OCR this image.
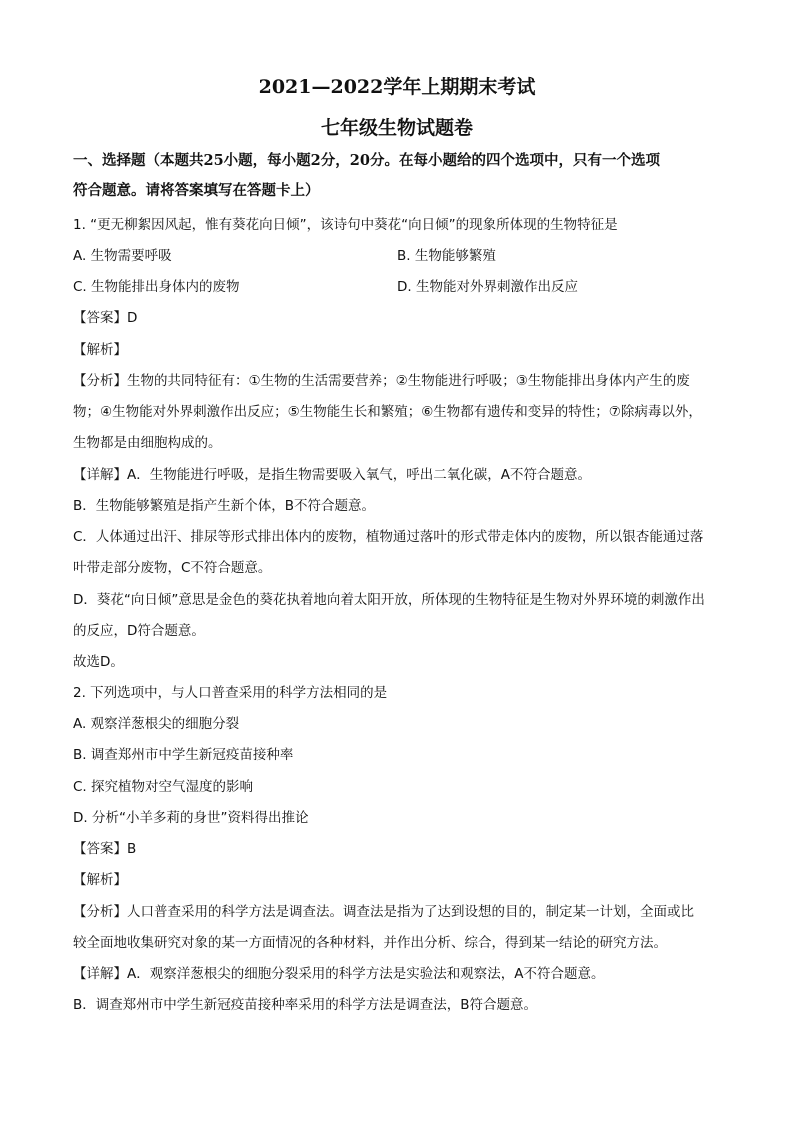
2021—2022学年上期期末考试
七年级生物试题卷
一、选择题（本题共25小题，每小题2分，20分。在每小题给的四个选项中，只有一个选项
符合题意。请将答案填写在答题卡上）
1. “更无柳絮因风起，惟有葵花向日倾”，该诗句中葵花“向日倾”的现象所体现的生物特征是
A. 生物需要呼吸	B. 生物能够繁殖
C. 生物能排出身体内的废物	D. 生物能对外界刺激作出反应
【答案】D
【解析】
【分析】生物的共同特征有：①生物的生活需要营养；②生物能进行呼吸；③生物能排出身体内产生的废
物；④生物能对外界刺激作出反应；⑤生物能生长和繁殖；⑥生物都有遗传和变异的特性；⑦除病毒以外，
生物都是由细胞构成的。
【详解】A．生物能进行呼吸，是指生物需要吸入氧气，呼出二氧化碳，A不符合题意。
B．生物能够繁殖是指产生新个体，B不符合题意。
C．人体通过出汗、排尿等形式排出体内的废物，植物通过落叶的形式带走体内的废物，所以银杏能通过落
叶带走部分废物，C不符合题意。
D．葵花“向日倾”意思是金色的葵花执着地向着太阳开放，所体现的生物特征是生物对外界环境的刺激作出
的反应，D符合题意。
故选D。
2. 下列选项中，与人口普查采用的科学方法相同的是
A. 观察洋葱根尖的细胞分裂
B. 调查郑州市中学生新冠疫苗接种率
C. 探究植物对空气湿度的影响
D. 分析“小羊多莉的身世”资料得出推论
【答案】B
【解析】
【分析】人口普查采用的科学方法是调查法。调查法是指为了达到设想的目的，制定某一计划，全面或比
较全面地收集研究对象的某一方面情况的各种材料，并作出分析、综合，得到某一结论的研究方法。
【详解】A．观察洋葱根尖的细胞分裂采用的科学方法是实验法和观察法，A不符合题意。
B．调查郑州市中学生新冠疫苗接种率采用的科学方法是调查法，B符合题意。
